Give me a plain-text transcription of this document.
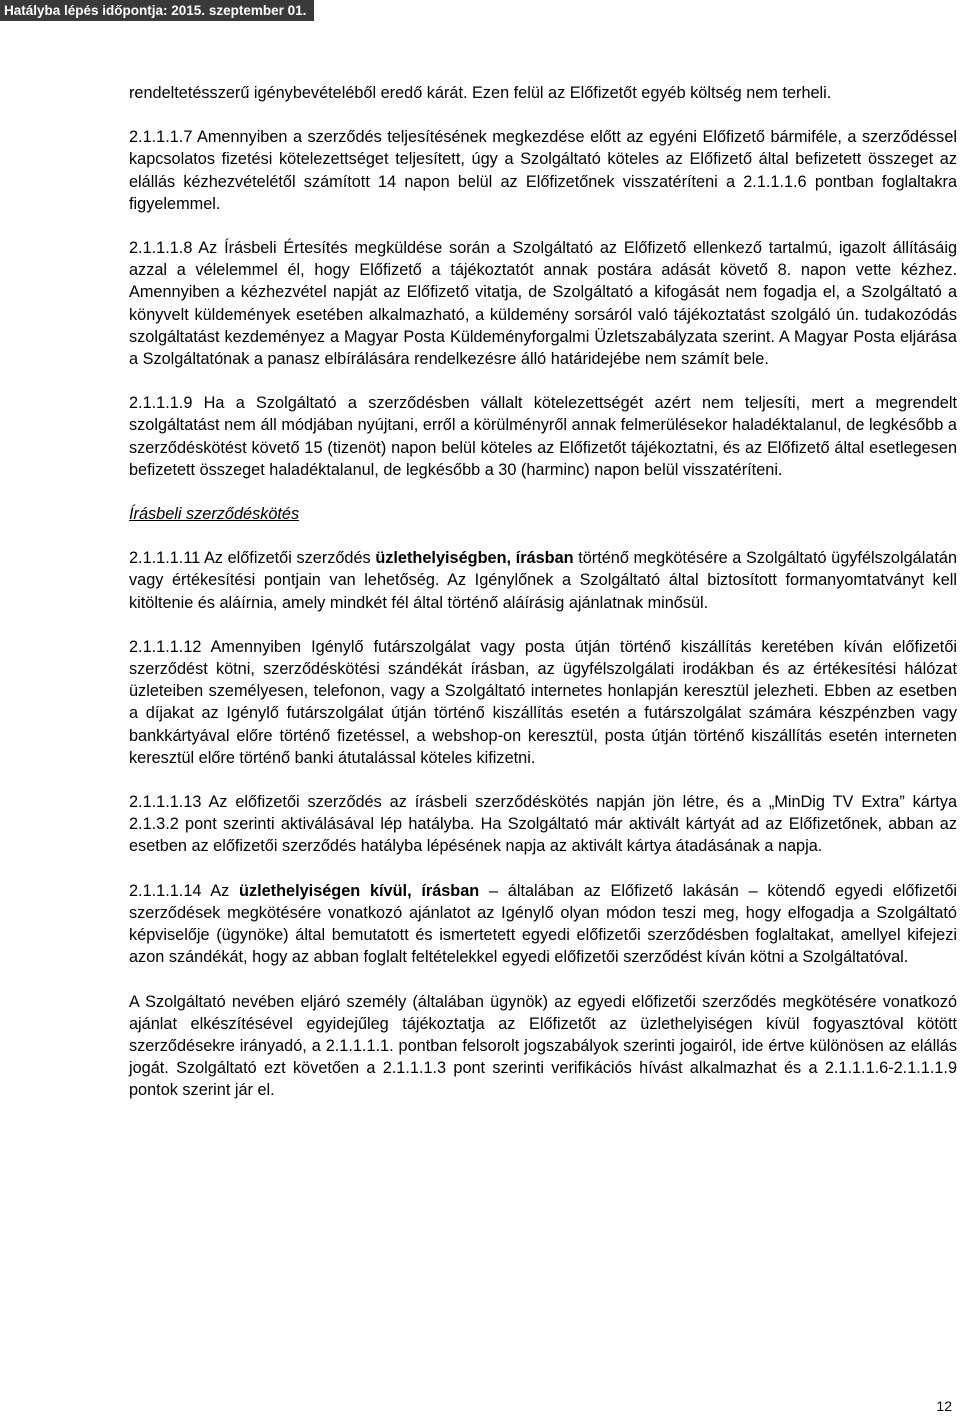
Hatályba lépés időpontja: 2015. szeptember 01.

rendeltetésszerű igénybevételéből eredő kárát. Ezen felül az Előfizetőt egyéb költség nem terheli.

2.1.1.1.7 Amennyiben a szerződés teljesítésének megkezdése előtt az egyéni Előfizető bármiféle, a szerződéssel kapcsolatos fizetési kötelezettséget teljesített, úgy a Szolgáltató köteles az Előfizető által befizetett összeget az elállás kézhezvételétől számított 14 napon belül az Előfizetőnek visszatéríteni a 2.1.1.1.6 pontban foglaltakra figyelemmel.

2.1.1.1.8 Az Írásbeli Értesítés megküldése során a Szolgáltató az Előfizető ellenkező tartalmú, igazolt állításáig azzal a vélelemmel él, hogy Előfizető a tájékoztatót annak postára adását követő 8. napon vette kézhez. Amennyiben a kézhezvétel napját az Előfizető vitatja, de Szolgáltató a kifogását nem fogadja el, a Szolgáltató a könyvelt küldemények esetében alkalmazható, a küldemény sorsáról való tájékoztatást szolgáló ún. tudakozódás szolgáltatást kezdeményez a Magyar Posta Küldeményforgalmi Üzletszabályzata szerint. A Magyar Posta eljárása a Szolgáltatónak a panasz elbírálására rendelkezésre álló határidejébe nem számít bele.

2.1.1.1.9 Ha a Szolgáltató a szerződésben vállalt kötelezettségét azért nem teljesíti, mert a megrendelt szolgáltatást nem áll módjában nyújtani, erről a körülményről annak felmerülésekor haladéktalanul, de legkésőbb a szerződéskötést követő 15 (tizenöt) napon belül köteles az Előfizetőt tájékoztatni, és az Előfizető által esetlegesen befizetett összeget haladéktalanul, de legkésőbb a 30 (harminc) napon belül visszatéríteni.

Írásbeli szerződéskötés

2.1.1.1.11 Az előfizetői szerződés üzlethelyiségben, írásban történő megkötésére a Szolgáltató ügyfélszolgálatán vagy értékesítési pontjain van lehetőség. Az Igénylőnek a Szolgáltató által biztosított formanyomtatványt kell kitöltenie és aláírnia, amely mindkét fél által történő aláírásig ajánlatnak minősül.

2.1.1.1.12 Amennyiben Igénylő futárszolgálat vagy posta útján történő kiszállítás keretében kíván előfizetői szerződést kötni, szerződéskötési szándékát írásban, az ügyfélszolgálati irodákban és az értékesítési hálózat üzleteiben személyesen, telefonon, vagy a Szolgáltató internetes honlapján keresztül jelezheti. Ebben az esetben a díjakat az Igénylő futárszolgálat útján történő kiszállítás esetén a futárszolgálat számára készpénzben vagy bankkártyával előre történő fizetéssel, a webshop-on keresztül, posta útján történő kiszállítás esetén interneten keresztül előre történő banki átutalással köteles kifizetni.

2.1.1.1.13 Az előfizetői szerződés az írásbeli szerződéskötés napján jön létre, és a „MinDig TV Extra” kártya 2.1.3.2 pont szerinti aktiválásával lép hatályba. Ha Szolgáltató már aktivált kártyát ad az Előfizetőnek, abban az esetben az előfizetői szerződés hatályba lépésének napja az aktivált kártya átadásának a napja.

2.1.1.1.14 Az üzlethelyiségen kívül, írásban – általában az Előfizető lakásán – kötendő egyedi előfizetői szerződések megkötésére vonatkozó ajánlatot az Igénylő olyan módon teszi meg, hogy elfogadja a Szolgáltató képviselője (ügynöke) által bemutatott és ismertetett egyedi előfizetői szerződésben foglaltakat, amellyel kifejezi azon szándékát, hogy az abban foglalt feltételekkel egyedi előfizetői szerződést kíván kötni a Szolgáltatóval.

A Szolgáltató nevében eljáró személy (általában ügynök) az egyedi előfizetői szerződés megkötésére vonatkozó ajánlat elkészítésével egyidejűleg tájékoztatja az Előfizetőt az üzlethelyiségen kívül fogyasztóval kötött szerződésekre irányadó, a 2.1.1.1.1. pontban felsorolt jogszabályok szerinti jogairól, ide értve különösen az elállás jogát. Szolgáltató ezt követően a 2.1.1.1.3 pont szerinti verifikációs hívást alkalmazhat és a 2.1.1.1.6-2.1.1.1.9 pontok szerint jár el.

12
